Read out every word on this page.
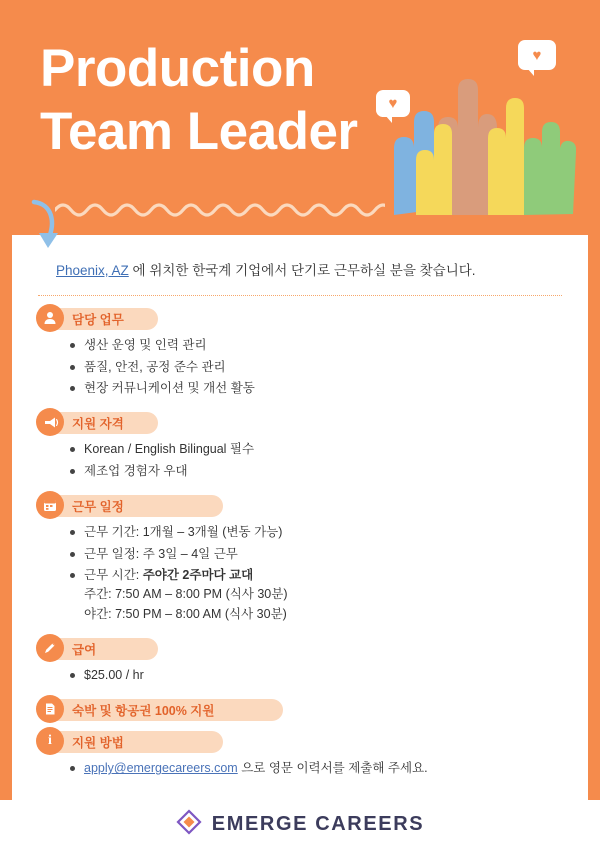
Production
Team Leader
♥
♥

Phoenix, AZ 에 위치한 한국계 기업에서 단기로 근무하실 분을 찾습니다.

담당 업무
생산 운영 및 인력 관리
품질, 안전, 공정 준수 관리
현장 커뮤니케이션 및 개선 활동
지원 자격
Korean / English Bilingual 필수
제조업 경험자 우대
근무 일정
근무 기간: 1개월 – 3개월 (변동 가능)
근무 일정: 주 3일 – 4일 근무
근무 시간: 주야간 2주마다 교대
주간: 7:50 AM – 8:00 PM (식사 30분)
야간: 7:50 PM – 8:00 AM (식사 30분)
급여
$25.00 / hr
숙박 및 항공권 100% 지원
i 지원 방법
apply@emergecareers.com 으로 영문 이력서를 제출해 주세요.
EMERGE CAREERS
